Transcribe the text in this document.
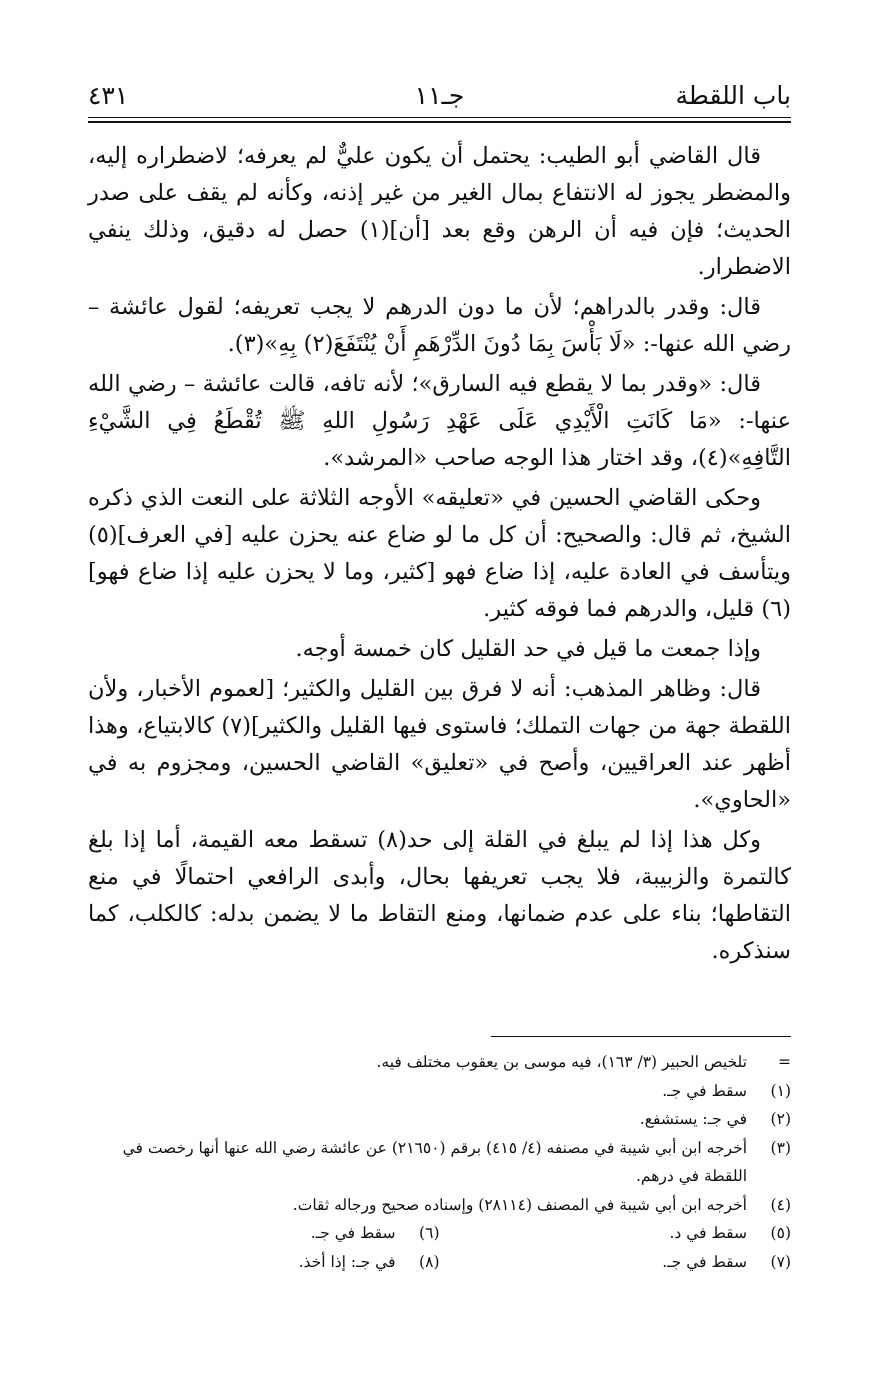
باب اللقطة
جـ١١
٤٣١

قال القاضي أبو الطيب: يحتمل أن يكون عليٌّ لم يعرفه؛ لاضطراره إليه، والمضطر يجوز له الانتفاع بمال الغير من غير إذنه، وكأنه لم يقف على صدر الحديث؛ فإن فيه أن الرهن وقع بعد [أن](١) حصل له دقيق، وذلك ينفي الاضطرار.

قال: وقدر بالدراهم؛ لأن ما دون الدرهم لا يجب تعريفه؛ لقول عائشة – رضي الله عنها-: «لَا بَأْسَ بِمَا دُونَ الدِّرْهَمِ أَنْ يُنْتَفَعَ(٢) بِهِ»(٣).

قال: «وقدر بما لا يقطع فيه السارق»؛ لأنه تافه، قالت عائشة – رضي الله عنها-: «مَا كَانَتِ الْأَيْدِي عَلَى عَهْدِ رَسُولِ اللهِ ﷺ تُقْطَعُ فِي الشَّيْءِ التَّافِهِ»(٤)، وقد اختار هذا الوجه صاحب «المرشد».

وحكى القاضي الحسين في «تعليقه» الأوجه الثلاثة على النعت الذي ذكره الشيخ، ثم قال: والصحيح: أن كل ما لو ضاع عنه يحزن عليه [في العرف](٥) ويتأسف في العادة عليه، إذا ضاع فهو [كثير، وما لا يحزن عليه إذا ضاع فهو](٦) قليل، والدرهم فما فوقه كثير.

وإذا جمعت ما قيل في حد القليل كان خمسة أوجه.

قال: وظاهر المذهب: أنه لا فرق بين القليل والكثير؛ [لعموم الأخبار، ولأن اللقطة جهة من جهات التملك؛ فاستوى فيها القليل والكثير](٧) كالابتياع، وهذا أظهر عند العراقيين، وأصح في «تعليق» القاضي الحسين، ومجزوم به في «الحاوي».

وكل هذا إذا لم يبلغ في القلة إلى حد(٨) تسقط معه القيمة، أما إذا بلغ كالتمرة والزبيبة، فلا يجب تعريفها بحال، وأبدى الرافعي احتمالًا في منع التقاطها؛ بناء على عدم ضمانها، ومنع التقاط ما لا يضمن بدله: كالكلب، كما سنذكره.

=
تلخيص الحبير (٣/ ١٦٣)، فيه موسى بن يعقوب مختلف فيه.
(١)
سقط في جـ.
(٢)
في جـ: يستشفع.
(٣)
أخرجه ابن أبي شيبة في مصنفه (٤/ ٤١٥) برقم (٢١٦٥٠) عن عائشة رضي الله عنها أنها رخصت في اللقطة في درهم.
(٤)
أخرجه ابن أبي شيبة في المصنف (٢٨١١٤) وإسناده صحيح ورجاله ثقات.
(٥)
سقط في د.
(٦)
سقط في جـ.
(٧)
سقط في جـ.
(٨)
في جـ: إذا أخذ.
